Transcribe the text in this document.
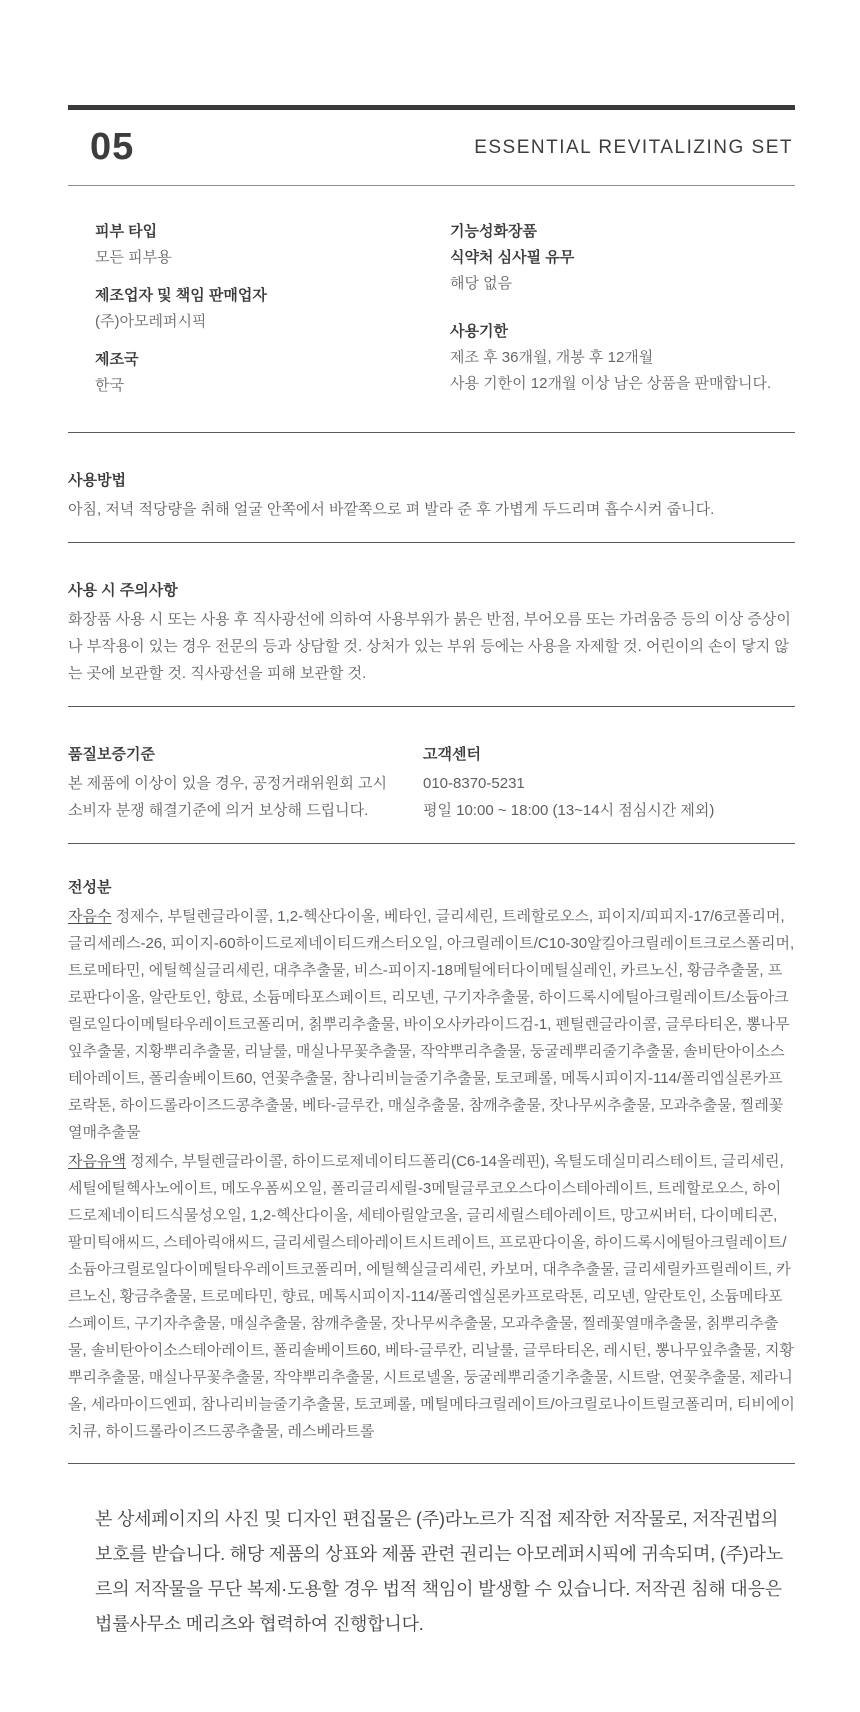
05	ESSENTIAL REVITALIZING SET
피부 타입
모든 피부용
제조업자 및 책임 판매업자
(주)아모레퍼시픽
제조국
한국
기능성화장품
식약처 심사필 유무
해당 없음
사용기한
제조 후 36개월, 개봉 후 12개월
사용 기한이 12개월 이상 남은 상품을 판매합니다.
사용방법
아침, 저녁 적당량을 취해 얼굴 안쪽에서 바깥쪽으로 펴 발라 준 후 가볍게 두드리며 흡수시켜 줍니다.
사용 시 주의사항
화장품 사용 시 또는 사용 후 직사광선에 의하여 사용부위가 붉은 반점, 부어오름 또는 가려움증 등의 이상 증상이나 부작용이 있는 경우 전문의 등과 상담할 것. 상처가 있는 부위 등에는 사용을 자제할 것. 어린이의 손이 닿지 않는 곳에 보관할 것. 직사광선을 피해 보관할 것.
품질보증기준
본 제품에 이상이 있을 경우, 공정거래위원회 고시
소비자 분쟁 해결기준에 의거 보상해 드립니다.
고객센터
010-8370-5231
평일 10:00 ~ 18:00 (13~14시 점심시간 제외)
전성분

자음수 정제수, 부틸렌글라이콜, 1,2-헥산다이올, 베타인, 글리세린, 트레할로오스, 피이지/피피지-17/6코폴리머, 글리세레스-26, 피이지-60하이드로제네이티드캐스터오일, 아크릴레이트/C10-30알킬아크릴레이트크로스폴리머, 트로메타민, 에틸헥실글리세린, 대추추출물, 비스-피이지-18메틸에터다이메틸실레인, 카르노신, 황금추출물, 프로판다이올, 알란토인, 향료, 소듐메타포스페이트, 리모넨, 구기자추출물, 하이드록시에틸아크릴레이트/소듐아크릴로일다이메틸타우레이트코폴리머, 칡뿌리추출물, 바이오사카라이드검-1, 펜틸렌글라이콜, 글루타티온, 뽕나무잎추출물, 지황뿌리추출물, 리날룰, 매실나무꽃추출물, 작약뿌리추출물, 둥굴레뿌리줄기추출물, 솔비탄아이소스테아레이트, 폴리솔베이트60, 연꽃추출물, 참나리비늘줄기추출물, 토코페롤, 메톡시피이지-114/폴리엡실론카프로락톤, 하이드롤라이즈드콩추출물, 베타-글루칸, 매실추출물, 참깨추출물, 잣나무씨추출물, 모과추출물, 찔레꽃열매추출물

자음유액 정제수, 부틸렌글라이콜, 하이드로제네이티드폴리(C6-14올레핀), 옥틸도데실미리스테이트, 글리세린, 세틸에틸헥사노에이트, 메도우폼씨오일, 폴리글리세릴-3메틸글루코오스다이스테아레이트, 트레할로오스, 하이드로제네이티드식물성오일, 1,2-헥산다이올, 세테아릴알코올, 글리세릴스테아레이트, 망고씨버터, 다이메티콘, 팔미틱애씨드, 스테아릭애씨드, 글리세릴스테아레이트시트레이트, 프로판다이올, 하이드록시에틸아크릴레이트/소듐아크릴로일다이메틸타우레이트코폴리머, 에틸헥실글리세린, 카보머, 대추추출물, 글리세릴카프릴레이트, 카르노신, 황금추출물, 트로메타민, 향료, 메톡시피이지-114/폴리엡실론카프로락톤, 리모넨, 알란토인, 소듐메타포스페이트, 구기자추출물, 매실추출물, 참깨추출물, 잣나무씨추출물, 모과추출물, 찔레꽃열매추출물, 칡뿌리추출물, 솔비탄아이소스테아레이트, 폴리솔베이트60, 베타-글루칸, 리날룰, 글루타티온, 레시틴, 뽕나무잎추출물, 지황뿌리추출물, 매실나무꽃추출물, 작약뿌리추출물, 시트로넬올, 둥굴레뿌리줄기추출물, 시트랄, 연꽃추출물, 제라니올, 세라마이드엔피, 참나리비늘줄기추출물, 토코페롤, 메틸메타크릴레이트/아크릴로나이트릴코폴리머, 티비에이치큐, 하이드롤라이즈드콩추출물, 레스베라트롤

본 상세페이지의 사진 및 디자인 편집물은 (주)라노르가 직접 제작한 저작물로, 저작권법의 보호를 받습니다. 해당 제품의 상표와 제품 관련 권리는 아모레퍼시픽에 귀속되며, (주)라노르의 저작물을 무단 복제·도용할 경우 법적 책임이 발생할 수 있습니다. 저작권 침해 대응은 법률사무소 메리츠와 협력하여 진행합니다.
